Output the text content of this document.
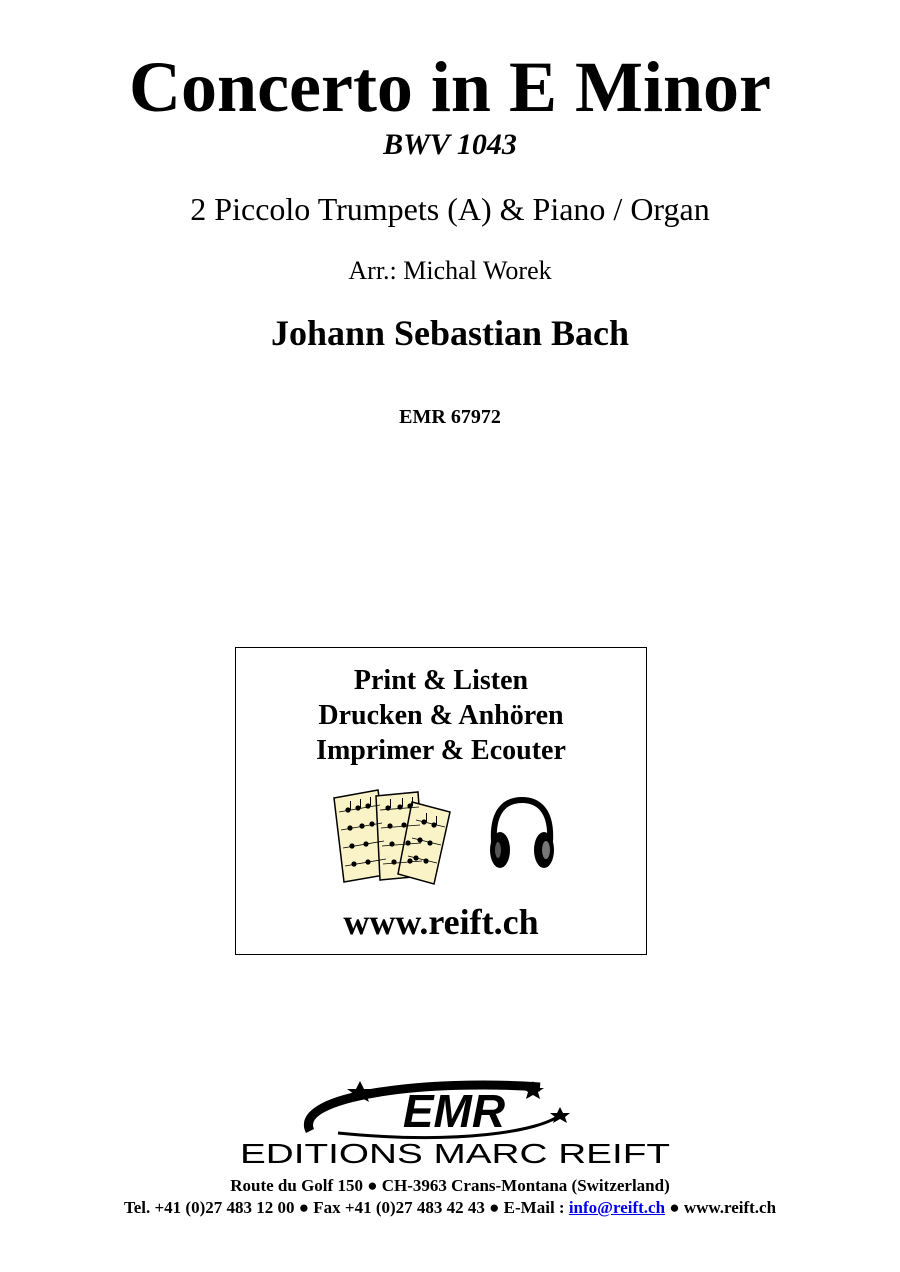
Concerto in E Minor
BWV 1043
2 Piccolo Trumpets (A) & Piano / Organ
Arr.: Michal Worek
Johann Sebastian Bach
EMR 67972
Print & Listen
Drucken & Anhören
Imprimer & Ecouter
www.reift.ch
EMR
EDITIONS MARC REIFT
Route du Golf 150 ● CH-3963 Crans-Montana (Switzerland)
Tel. +41 (0)27 483 12 00 ● Fax +41 (0)27 483 42 43 ● E-Mail : info@reift.ch ● www.reift.ch
